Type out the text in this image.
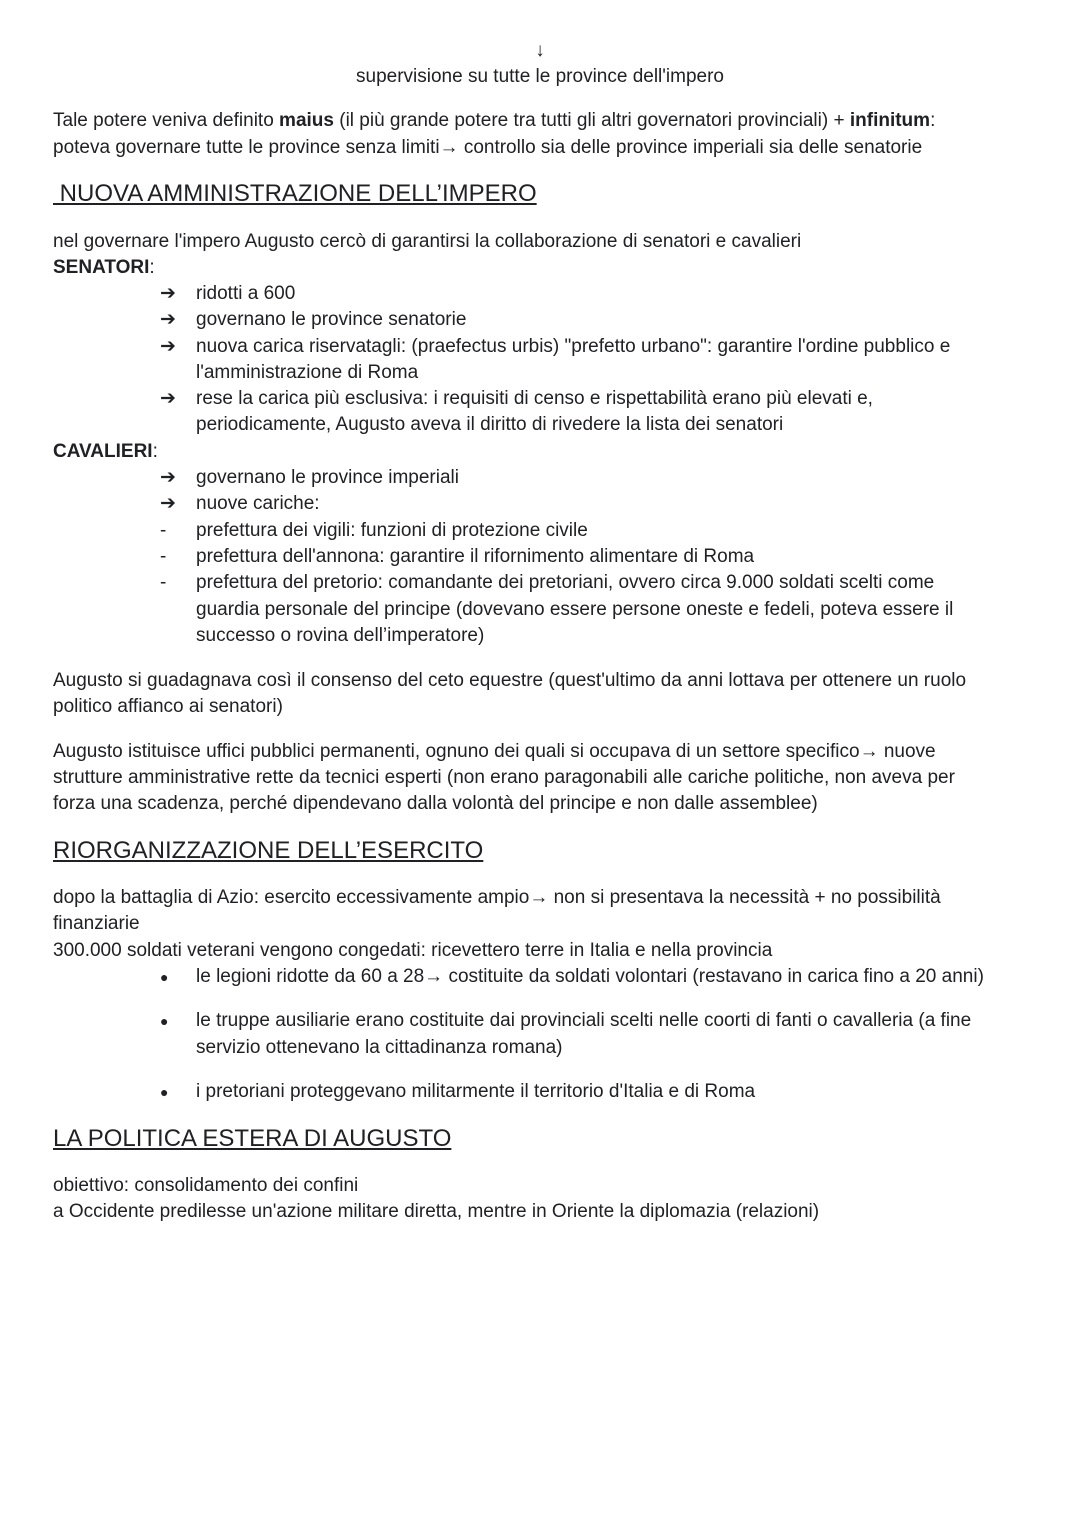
↓
supervisione su tutte le province dell'impero
Tale potere veniva definito maius (il più grande potere tra tutti gli altri governatori provinciali) + infinitum:
poteva governare tutte le province senza limiti→ controllo sia delle province imperiali sia delle senatorie
NUOVA AMMINISTRAZIONE DELL’IMPERO
nel governare l'impero Augusto cercò di garantirsi la collaborazione di senatori e cavalieri
SENATORI:
➔ ridotti a 600
➔ governano le province senatorie
➔ nuova carica riservatagli: (praefectus urbis) "prefetto urbano": garantire l'ordine pubblico e
l'amministrazione di Roma
➔ rese la carica più esclusiva: i requisiti di censo e rispettabilità erano più elevati e,
periodicamente, Augusto aveva il diritto di rivedere la lista dei senatori
CAVALIERI:
➔ governano le province imperiali
➔ nuove cariche:
- prefettura dei vigili: funzioni di protezione civile
- prefettura dell'annona: garantire il rifornimento alimentare di Roma
- prefettura del pretorio: comandante dei pretoriani, ovvero circa 9.000 soldati scelti come
guardia personale del principe (dovevano essere persone oneste e fedeli, poteva essere il
successo o rovina dell’imperatore)
Augusto si guadagnava così il consenso del ceto equestre (quest'ultimo da anni lottava per ottenere un ruolo
politico affianco ai senatori)
Augusto istituisce uffici pubblici permanenti, ognuno dei quali si occupava di un settore specifico→ nuove
strutture amministrative rette da tecnici esperti (non erano paragonabili alle cariche politiche, non aveva per
forza una scadenza, perché dipendevano dalla volontà del principe e non dalle assemblee)
RIORGANIZZAZIONE DELL’ESERCITO
dopo la battaglia di Azio: esercito eccessivamente ampio→ non si presentava la necessità + no possibilità
finanziarie
300.000 soldati veterani vengono congedati: ricevettero terre in Italia e nella provincia
● le legioni ridotte da 60 a 28→ costituite da soldati volontari (restavano in carica fino a 20 anni)
● le truppe ausiliarie erano costituite dai provinciali scelti nelle coorti di fanti o cavalleria (a fine
servizio ottenevano la cittadinanza romana)
● i pretoriani proteggevano militarmente il territorio d'Italia e di Roma
LA POLITICA ESTERA DI AUGUSTO
obiettivo: consolidamento dei confini
a Occidente predilesse un'azione militare diretta, mentre in Oriente la diplomazia (relazioni)
